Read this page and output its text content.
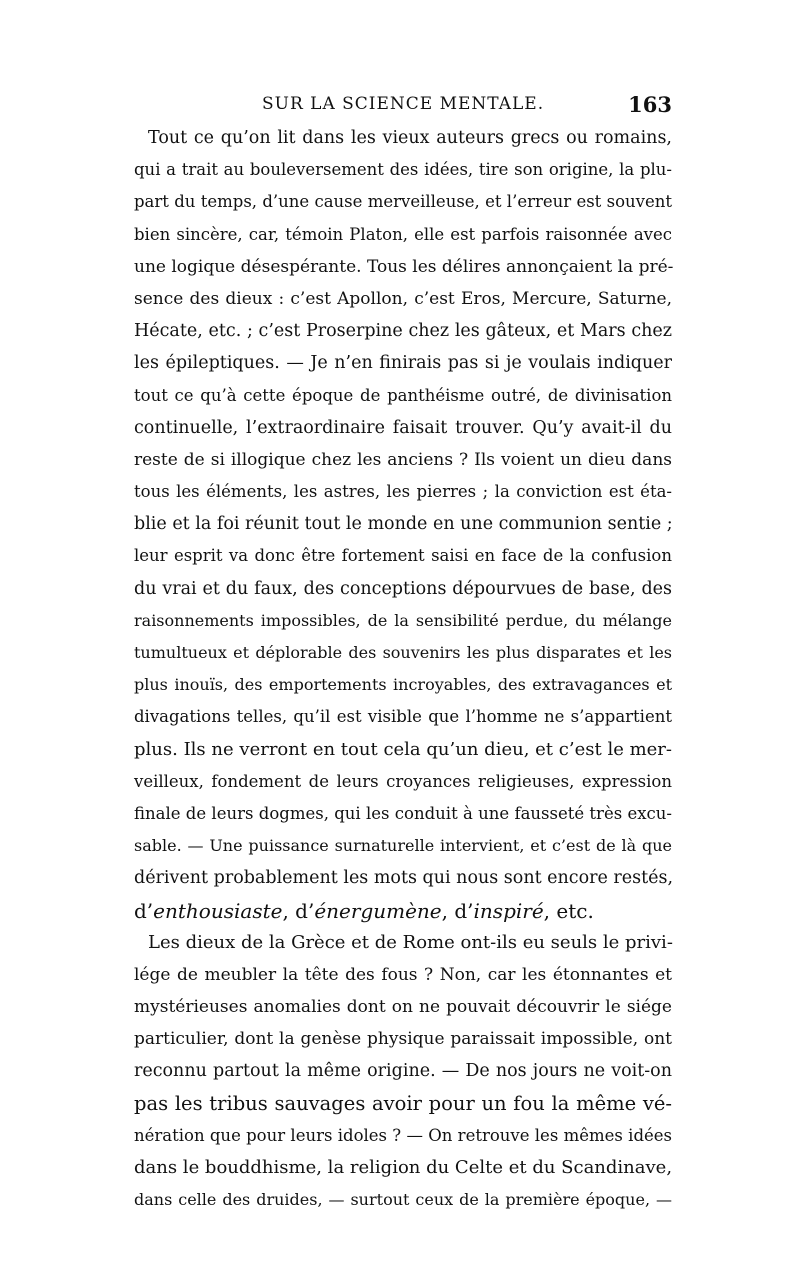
SUR LA SCIENCE MENTALE.	163
Tout ce qu’on lit dans les vieux auteurs grecs ou romains,
qui a trait au bouleversement des idées, tire son origine, la plu-
part du temps, d’une cause merveilleuse, et l’erreur est souvent
bien sincère, car, témoin Platon, elle est parfois raisonnée avec
une logique désespérante. Tous les délires annonçaient la pré-
sence des dieux : c’est Apollon, c’est Eros, Mercure, Saturne,
Hécate, etc. ; c’est Proserpine chez les gâteux, et Mars chez
les épileptiques. — Je n’en finirais pas si je voulais indiquer
tout ce qu’à cette époque de panthéisme outré, de divinisation
continuelle, l’extraordinaire faisait trouver. Qu’y avait-il du
reste de si illogique chez les anciens ? Ils voient un dieu dans
tous les éléments, les astres, les pierres ; la conviction est éta-
blie et la foi réunit tout le monde en une communion sentie ;
leur esprit va donc être fortement saisi en face de la confusion
du vrai et du faux, des conceptions dépourvues de base, des
raisonnements impossibles, de la sensibilité perdue, du mélange
tumultueux et déplorable des souvenirs les plus disparates et les
plus inouïs, des emportements incroyables, des extravagances et
divagations telles, qu’il est visible que l’homme ne s’appartient
plus. Ils ne verront en tout cela qu’un dieu, et c’est le mer-
veilleux, fondement de leurs croyances religieuses, expression
finale de leurs dogmes, qui les conduit à une fausseté très excu-
sable. — Une puissance surnaturelle intervient, et c’est de là que
dérivent probablement les mots qui nous sont encore restés,
d’enthousiaste, d’énergumène, d’inspiré, etc.
Les dieux de la Grèce et de Rome ont-ils eu seuls le privi-
lége de meubler la tête des fous ? Non, car les étonnantes et
mystérieuses anomalies dont on ne pouvait découvrir le siége
particulier, dont la genèse physique paraissait impossible, ont
reconnu partout la même origine. — De nos jours ne voit-on
pas les tribus sauvages avoir pour un fou la même vé-
nération que pour leurs idoles ? — On retrouve les mêmes idées
dans le bouddhisme, la religion du Celte et du Scandinave,
dans celle des druides, — surtout ceux de la première époque, —
